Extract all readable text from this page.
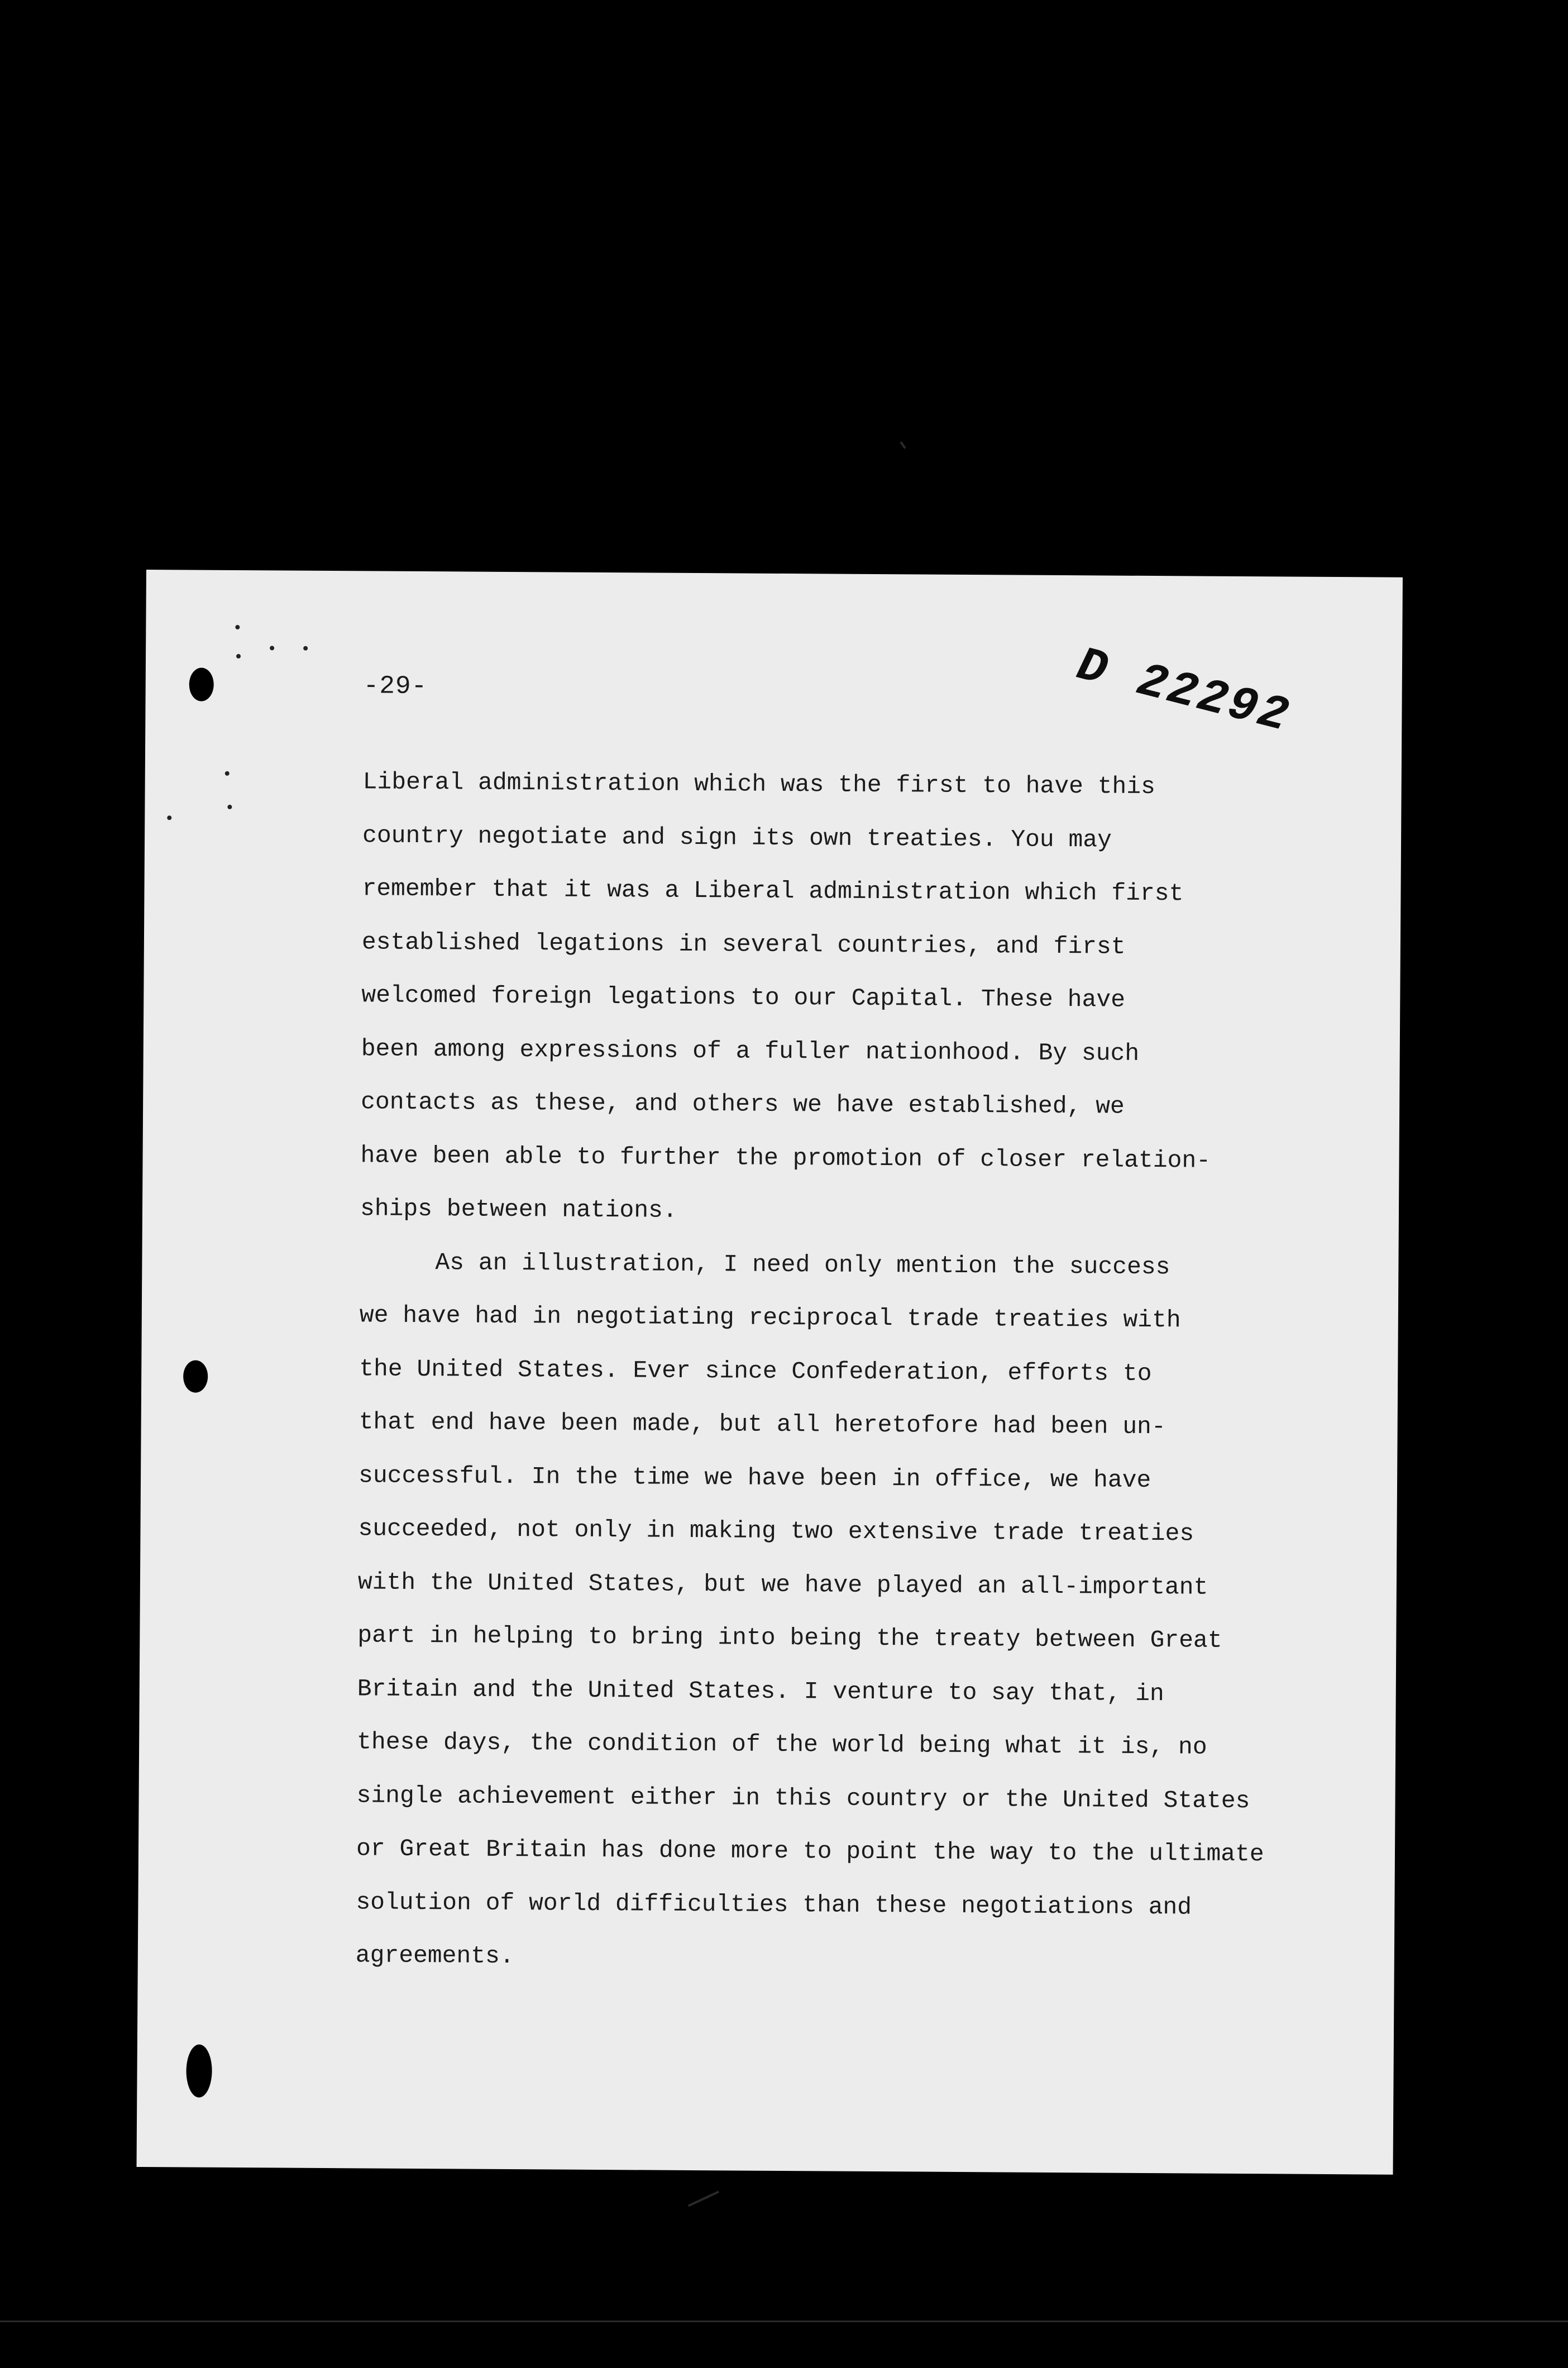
-29-	D 22292
Liberal administration which was the first to have this
country negotiate and sign its own treaties. You may
remember that it was a Liberal administration which first
established legations in several countries, and first
welcomed foreign legations to our Capital. These have
been among expressions of a fuller nationhood. By such
contacts as these, and others we have established, we
have been able to further the promotion of closer relation-
ships between nations.
As an illustration, I need only mention the success
we have had in negotiating reciprocal trade treaties with
the United States. Ever since Confederation, efforts to
that end have been made, but all heretofore had been un-
successful. In the time we have been in office, we have
succeeded, not only in making two extensive trade treaties
with the United States, but we have played an all-important
part in helping to bring into being the treaty between Great
Britain and the United States. I venture to say that, in
these days, the condition of the world being what it is, no
single achievement either in this country or the United States
or Great Britain has done more to point the way to the ultimate
solution of world difficulties than these negotiations and
agreements.
